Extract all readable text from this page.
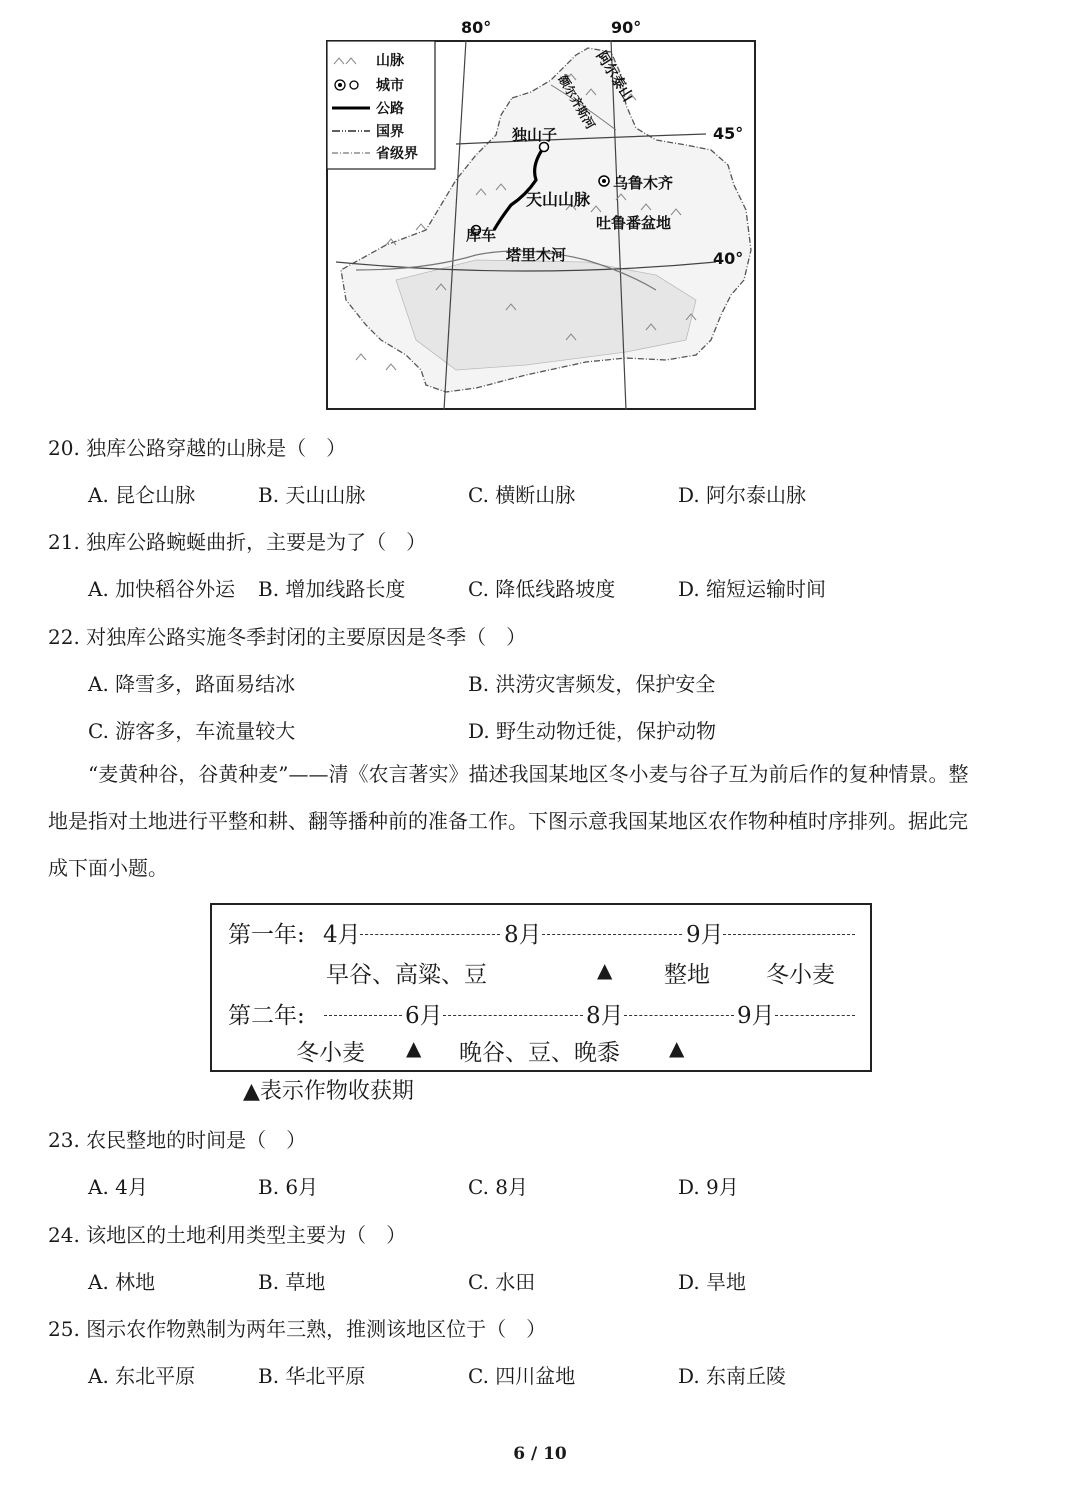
80°	90°
阿尔泰山
额尔齐斯河
独山子
乌鲁木齐
天山山脉
吐鲁番盆地
库车
塔里木河
45°
40°
山脉
城市
公路
国界
省级界
20. 独库公路穿越的山脉是（　）
A. 昆仑山脉	B. 天山山脉	C. 横断山脉	D. 阿尔泰山脉
21. 独库公路蜿蜒曲折，主要是为了（　）
A. 加快稻谷外运 B. 增加线路长度	C. 降低线路坡度	D. 缩短运输时间
22. 对独库公路实施冬季封闭的主要原因是冬季（　）
A. 降雪多，路面易结冰	B. 洪涝灾害频发，保护安全
C. 游客多，车流量较大	D. 野生动物迁徙，保护动物

“麦黄种谷，谷黄种麦”——清《农言著实》描述我国某地区冬小麦与谷子互为前后作的复种情景。整

地是指对土地进行平整和耕、翻等播种前的准备工作。下图示意我国某地区农作物种植时序排列。据此完

成下面小题。

第一年: 4月	8月	9月
早谷、高粱、豆	▲ 整地 冬小麦
第二年:	6月	8月	9月
冬小麦 ▲ 晚谷、豆、晚黍 ▲
▲表示作物收获期
23. 农民整地的时间是（　）
A. 4月	B. 6月	C. 8月	D. 9月
24. 该地区的土地利用类型主要为（　）
A. 林地	B. 草地	C. 水田	D. 旱地
25. 图示农作物熟制为两年三熟，推测该地区位于（　）
A. 东北平原	B. 华北平原	C. 四川盆地	D. 东南丘陵
6 / 10
